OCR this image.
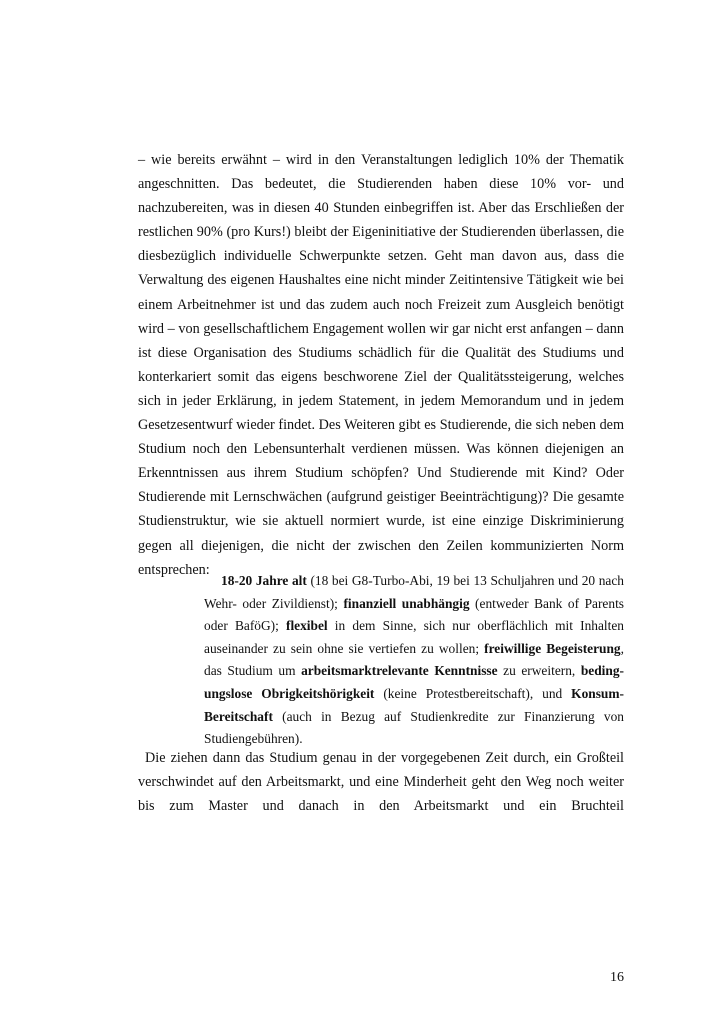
– wie bereits erwähnt – wird in den Veranstaltungen lediglich 10% der Thematik angeschnitten. Das bedeutet, die Studierenden haben diese 10% vor- und nachzubereiten, was in diesen 40 Stunden einbegriffen ist. Aber das Erschließen der restlichen 90% (pro Kurs!) bleibt der Eigeninitiative der Studierenden überlassen, die diesbezüglich individuelle Schwerpunkte setzen. Geht man davon aus, dass die Verwaltung des eigenen Haushaltes eine nicht minder Zeitintensive Tätigkeit wie bei einem Arbeitnehmer ist und das zudem auch noch Freizeit zum Ausgleich benötigt wird – von gesellschaftlichem Engagement wollen wir gar nicht erst anfangen – dann ist diese Organisation des Studiums schädlich für die Qualität des Studiums und konterkariert somit das eigens beschworene Ziel der Qualitätssteigerung, welches sich in jeder Erklärung, in jedem Statement, in jedem Memorandum und in jedem Gesetzesentwurf wieder findet. Des Weiteren gibt es Studierende, die sich neben dem Studium noch den Lebensunterhalt verdienen müssen. Was können diejenigen an Erkenntnissen aus ihrem Studium schöpfen? Und Studierende mit Kind? Oder Studierende mit Lernschwächen (aufgrund geistiger Beeinträchtigung)? Die gesamte Studienstruktur, wie sie aktuell normiert wurde, ist eine einzige Diskriminierung gegen all diejenigen, die nicht der zwischen den Zeilen kommunizierten Norm entsprechen:

18-20 Jahre alt (18 bei G8-Turbo-Abi, 19 bei 13 Schuljahren und 20 nach Wehr- oder Zivildienst); finanziell unabhängig (entweder Bank of Parents oder BaföG); flexibel in dem Sinne, sich nur oberflächlich mit Inhalten auseinander zu sein ohne sie vertiefen zu wollen; freiwillige Begeisterung, das Studium um arbeitsmarktrelevante Kenntnisse zu erweitern, beding-ungslose Obrigkeitshörigkeit (keine Protestbereitschaft), und Konsum-Bereitschaft (auch in Bezug auf Studienkredite zur Finanzierung von Studiengebühren).

Die ziehen dann das Studium genau in der vorgegebenen Zeit durch, ein Großteil verschwindet auf den Arbeitsmarkt, und eine Minderheit geht den Weg noch weiter bis zum Master und danach in den Arbeitsmarkt und ein Bruchteil

16
